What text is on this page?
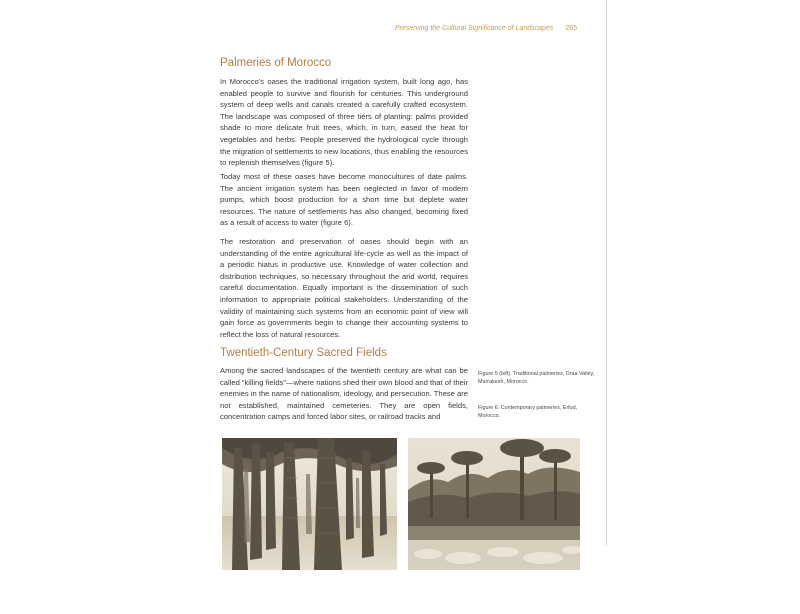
Preserving the Cultural Significance of Landscapes 265
Palmeries of Morocco

In Morocco’s oases the traditional irrigation system, built long ago, has enabled people to survive and flourish for centuries. This underground system of deep wells and canals created a carefully crafted ecosystem. The landscape was composed of three tiers of planting: palms provided shade to more delicate fruit trees, which, in turn, eased the heat for vegetables and herbs. People preserved the hydrological cycle through the migration of settlements to new locations, thus enabling the resources to replenish themselves (figure 5).

Today most of these oases have become monocultures of date palms. The ancient irrigation system has been neglected in favor of modern pumps, which boost production for a short time but deplete water resources. The nature of settlements has also changed, becoming fixed as a result of access to water (figure 6).

The restoration and preservation of oases should begin with an understanding of the entire agricultural life-cycle as well as the impact of a periodic hiatus in productive use. Knowledge of water collection and distribution techniques, so necessary throughout the arid world, requires careful documentation. Equally important is the dissemination of such information to appropriate political stakeholders. Understanding of the validity of maintaining such systems from an economic point of view will gain force as governments begin to change their accounting systems to reflect the loss of natural resources.

Twentieth-Century Sacred Fields

Among the sacred landscapes of the twentieth century are what can be called “killing fields”—where nations shed their own blood and that of their enemies in the name of nationalism, ideology, and persecution. These are not established, maintained cemeteries. They are open fields, concentration camps and forced labor sites, or railroad tracks and

Figure 5 (left). Traditional palmeries, Draa Valley, Marrakesh, Morocco.
Figure 6. Contemporary palmeries, Erfud, Morocco.
